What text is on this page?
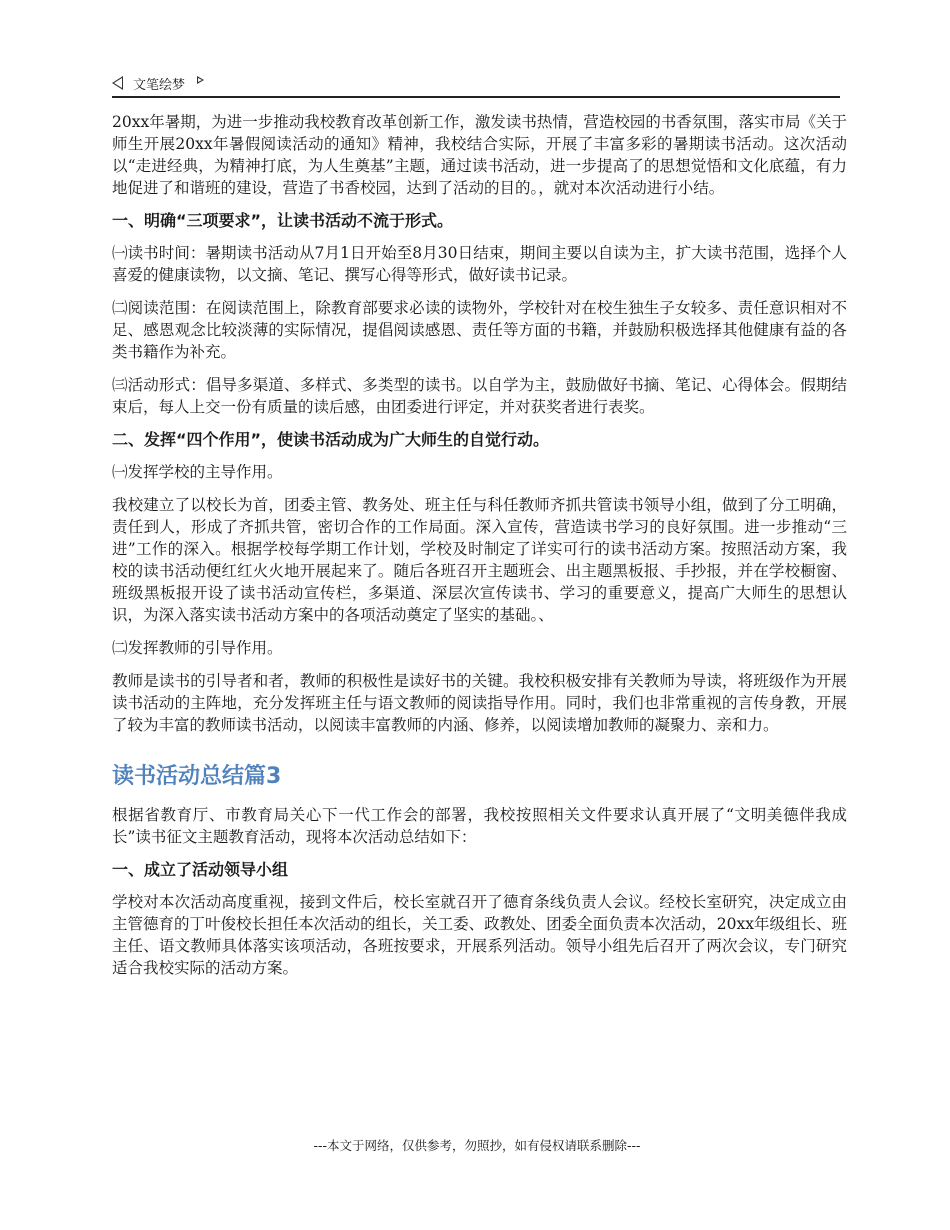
文笔绘梦

20xx年暑期，为进一步推动我校教育改革创新工作，激发读书热情，营造校园的书香氛围，落实市局《关于师生开展20xx年暑假阅读活动的通知》精神，我校结合实际，开展了丰富多彩的暑期读书活动。这次活动以“走进经典，为精神打底，为人生奠基”主题，通过读书活动，进一步提高了的思想觉悟和文化底蕴，有力地促进了和谐班的建设，营造了书香校园，达到了活动的目的。，就对本次活动进行小结。

一、明确“三项要求”，让读书活动不流于形式。

㈠读书时间：暑期读书活动从7月1日开始至8月30日结束，期间主要以自读为主，扩大读书范围，选择个人喜爱的健康读物，以文摘、笔记、撰写心得等形式，做好读书记录。

㈡阅读范围：在阅读范围上，除教育部要求必读的读物外，学校针对在校生独生子女较多、责任意识相对不足、感恩观念比较淡薄的实际情况，提倡阅读感恩、责任等方面的书籍，并鼓励积极选择其他健康有益的各类书籍作为补充。

㈢活动形式：倡导多渠道、多样式、多类型的读书。以自学为主，鼓励做好书摘、笔记、心得体会。假期结束后，每人上交一份有质量的读后感，由团委进行评定，并对获奖者进行表奖。

二、发挥“四个作用”，使读书活动成为广大师生的自觉行动。

㈠发挥学校的主导作用。

我校建立了以校长为首，团委主管、教务处、班主任与科任教师齐抓共管读书领导小组，做到了分工明确，责任到人，形成了齐抓共管，密切合作的工作局面。深入宣传，营造读书学习的良好氛围。进一步推动“三进”工作的深入。根据学校每学期工作计划，学校及时制定了详实可行的读书活动方案。按照活动方案，我校的读书活动便红红火火地开展起来了。随后各班召开主题班会、出主题黑板报、手抄报，并在学校橱窗、班级黑板报开设了读书活动宣传栏，多渠道、深层次宣传读书、学习的重要意义，提高广大师生的思想认识，为深入落实读书活动方案中的各项活动奠定了坚实的基础。、

㈡发挥教师的引导作用。

教师是读书的引导者和者，教师的积极性是读好书的关键。我校积极安排有关教师为导读，将班级作为开展读书活动的主阵地，充分发挥班主任与语文教师的阅读指导作用。同时，我们也非常重视的言传身教，开展了较为丰富的教师读书活动，以阅读丰富教师的内涵、修养，以阅读增加教师的凝聚力、亲和力。

读书活动总结篇3

根据省教育厅、市教育局关心下一代工作会的部署，我校按照相关文件要求认真开展了“文明美德伴我成长”读书征文主题教育活动，现将本次活动总结如下：

一、成立了活动领导小组

学校对本次活动高度重视，接到文件后，校长室就召开了德育条线负责人会议。经校长室研究，决定成立由主管德育的丁叶俊校长担任本次活动的组长，关工委、政教处、团委全面负责本次活动，20xx年级组长、班主任、语文教师具体落实该项活动，各班按要求，开展系列活动。领导小组先后召开了两次会议，专门研究适合我校实际的活动方案。

---本文于网络，仅供参考，勿照抄，如有侵权请联系删除---
